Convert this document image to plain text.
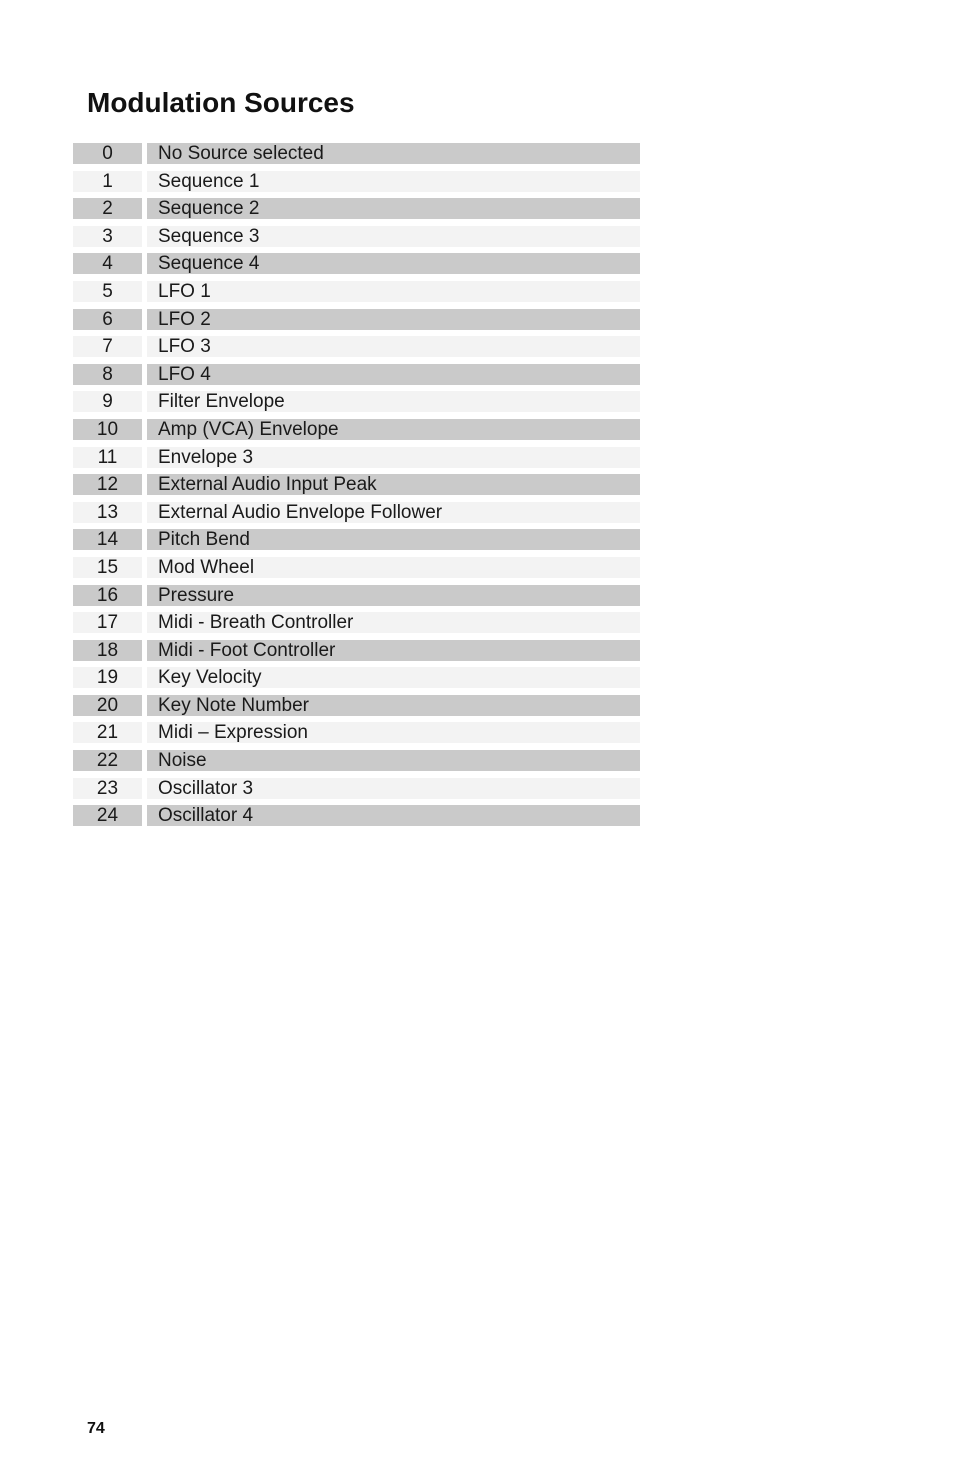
Modulation Sources
0	No Source selected
1	Sequence 1
2	Sequence 2
3	Sequence 3
4	Sequence 4
5	LFO 1
6	LFO 2
7	LFO 3
8	LFO 4
9	Filter Envelope
10	Amp (VCA) Envelope
11	Envelope 3
12	External Audio Input Peak
13	External Audio Envelope Follower
14	Pitch Bend
15	Mod Wheel
16	Pressure
17	Midi - Breath Controller
18	Midi - Foot Controller
19	Key Velocity
20	Key Note Number
21	Midi – Expression
22	Noise
23	Oscillator 3
24	Oscillator 4
74
